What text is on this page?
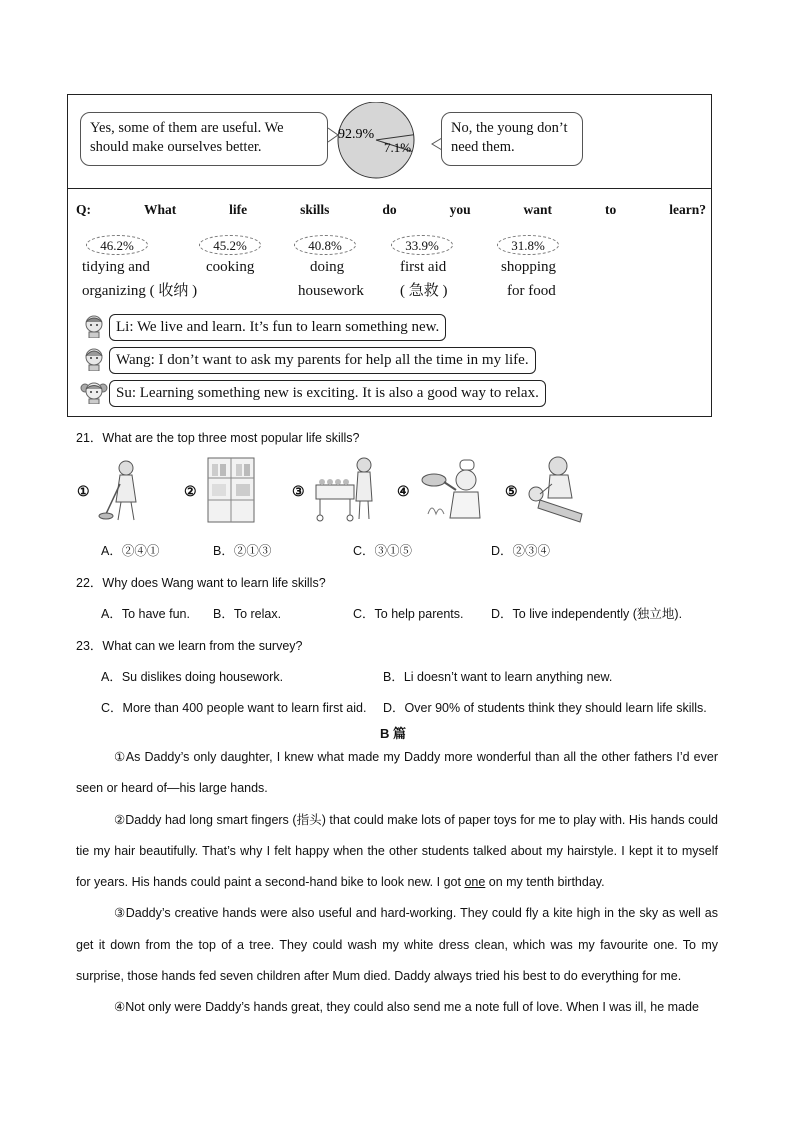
Yes, some of them are useful. We should make ourselves better.
92.9%
7.1%
No, the young don’t need them.
Q:	What	life	skills	do	you	want	to	learn?
46.2%
tidying and
organizing ( 收纳 )
45.2%
cooking
40.8%
doing
housework
33.9%
first aid
( 急救 )
31.8%
shopping
for food
Li: We live and learn. It’s fun to learn something new.
Wang: I don’t want to ask my parents for help all the time in my life.
Su: Learning something new is exciting. It is also a good way to relax.
21．What are the top three most popular life skills?
①	②	③	④	⑤
A．②④①	B．②①③	C．③①⑤	D．②③④
22．Why does Wang want to learn life skills?
A．To have fun. B．To relax.	C．To help parents. D．To live independently (独立地).
23．What can we learn from the survey?
A．Su dislikes doing housework.	B．Li doesn’t want to learn anything new.
C．More than 400 people want to learn first aid. D．Over 90% of students think they should learn life skills.
B 篇

①As Daddy’s only daughter, I knew what made my Daddy more wonderful than all the other fathers I’d ever seen or heard of—his large hands.

②Daddy had long smart fingers (指头) that could make lots of paper toys for me to play with. His hands could tie my hair beautifully. That’s why I felt happy when the other students talked about my hairstyle. I kept it to myself for years. His hands could paint a second-hand bike to look new. I got one on my tenth birthday.

③Daddy’s creative hands were also useful and hard-working. They could fly a kite high in the sky as well as get it down from the top of a tree. They could wash my white dress clean, which was my favourite one. To my surprise, those hands fed seven children after Mum died. Daddy always tried his best to do everything for me.

④Not only were Daddy’s hands great, they could also send me a note full of love. When I was ill, he made
